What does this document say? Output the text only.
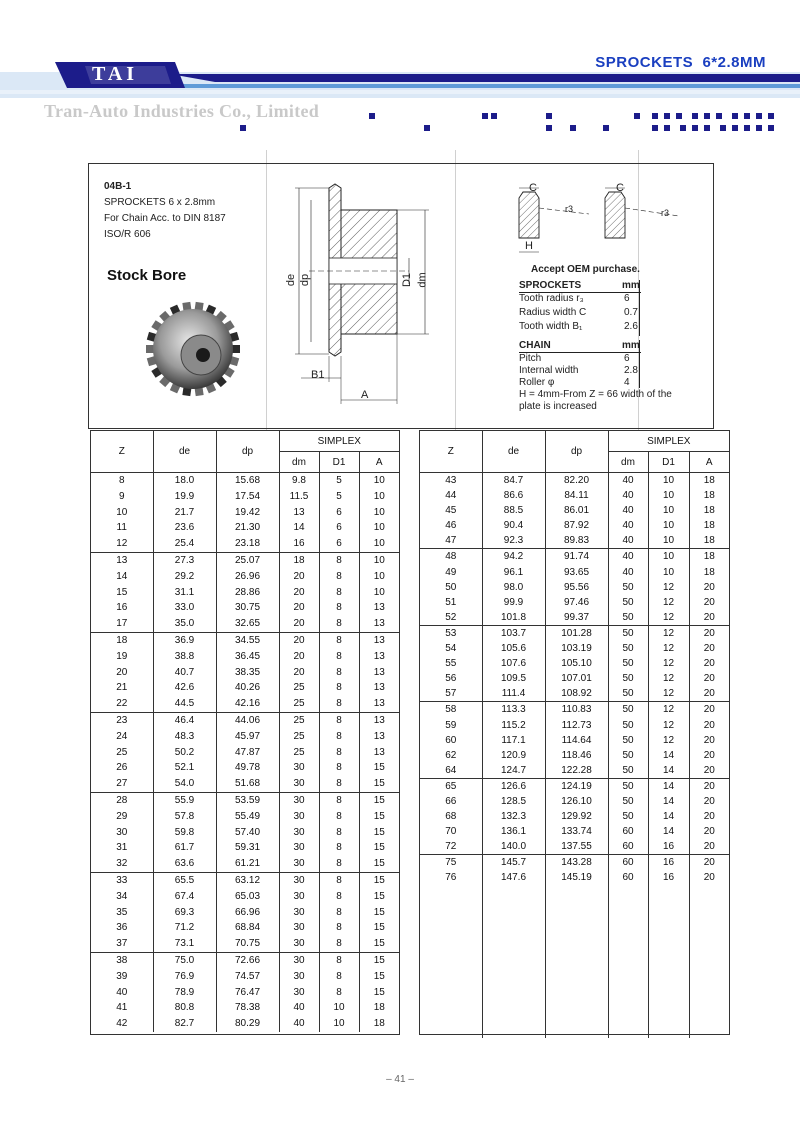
TAI
SPROCKETS  6*2.8MM
Tran-Auto Industries Co., Limited
04B-1
SPROCKETS 6 x 2.8mm
For Chain Acc. to DIN 8187
ISO/R 606
Stock Bore	de dp	D1 dm
B1
A
C	C
H
r3	r3
Accept OEM purchase.
SPROCKETS	mm
Tooth radius r₃	6
Radius width C	0.7
Tooth width B₁	2.6
CHAIN	mm
Pitch	6
Internal width	2.8
Roller φ	4
H = 4mm-From Z = 66 width of the
plate is increased
Z	de	dp	SIMPLEX		
			dm	D1	A
8	18.0	15.68	9.8	5	10
9	19.9	17.54	11.5	5	10
10	21.7	19.42	13	6	10
11	23.6	21.30	14	6	10
12	25.4	23.18	16	6	10
13	27.3	25.07	18	8	10
14	29.2	26.96	20	8	10
15	31.1	28.86	20	8	10
16	33.0	30.75	20	8	13
17	35.0	32.65	20	8	13
18	36.9	34.55	20	8	13
19	38.8	36.45	20	8	13
20	40.7	38.35	20	8	13
21	42.6	40.26	25	8	13
22	44.5	42.16	25	8	13
23	46.4	44.06	25	8	13
24	48.3	45.97	25	8	13
25	50.2	47.87	25	8	13
26	52.1	49.78	30	8	15
27	54.0	51.68	30	8	15
28	55.9	53.59	30	8	15
29	57.8	55.49	30	8	15
30	59.8	57.40	30	8	15
31	61.7	59.31	30	8	15
32	63.6	61.21	30	8	15
33	65.5	63.12	30	8	15
34	67.4	65.03	30	8	15
35	69.3	66.96	30	8	15
36	71.2	68.84	30	8	15
37	73.1	70.75	30	8	15
38	75.0	72.66	30	8	15
39	76.9	74.57	30	8	15
40	78.9	76.47	30	8	15
41	80.8	78.38	40	10	18
42	82.7	80.29	40	10	18
Z	de	dp	SIMPLEX		
			dm	D1	A
43	84.7	82.20	40	10	18
44	86.6	84.11	40	10	18
45	88.5	86.01	40	10	18
46	90.4	87.92	40	10	18
47	92.3	89.83	40	10	18
48	94.2	91.74	40	10	18
49	96.1	93.65	40	10	18
50	98.0	95.56	50	12	20
51	99.9	97.46	50	12	20
52	101.8	99.37	50	12	20
53	103.7	101.28	50	12	20
54	105.6	103.19	50	12	20
55	107.6	105.10	50	12	20
56	109.5	107.01	50	12	20
57	111.4	108.92	50	12	20
58	113.3	110.83	50	12	20
59	115.2	112.73	50	12	20
60	117.1	114.64	50	12	20
62	120.9	118.46	50	14	20
64	124.7	122.28	50	14	20
65	126.6	124.19	50	14	20
66	128.5	126.10	50	14	20
68	132.3	129.92	50	14	20
70	136.1	133.74	60	14	20
72	140.0	137.55	60	16	20
75	145.7	143.28	60	16	20
76	147.6	145.19	60	16	20

– 41 –
